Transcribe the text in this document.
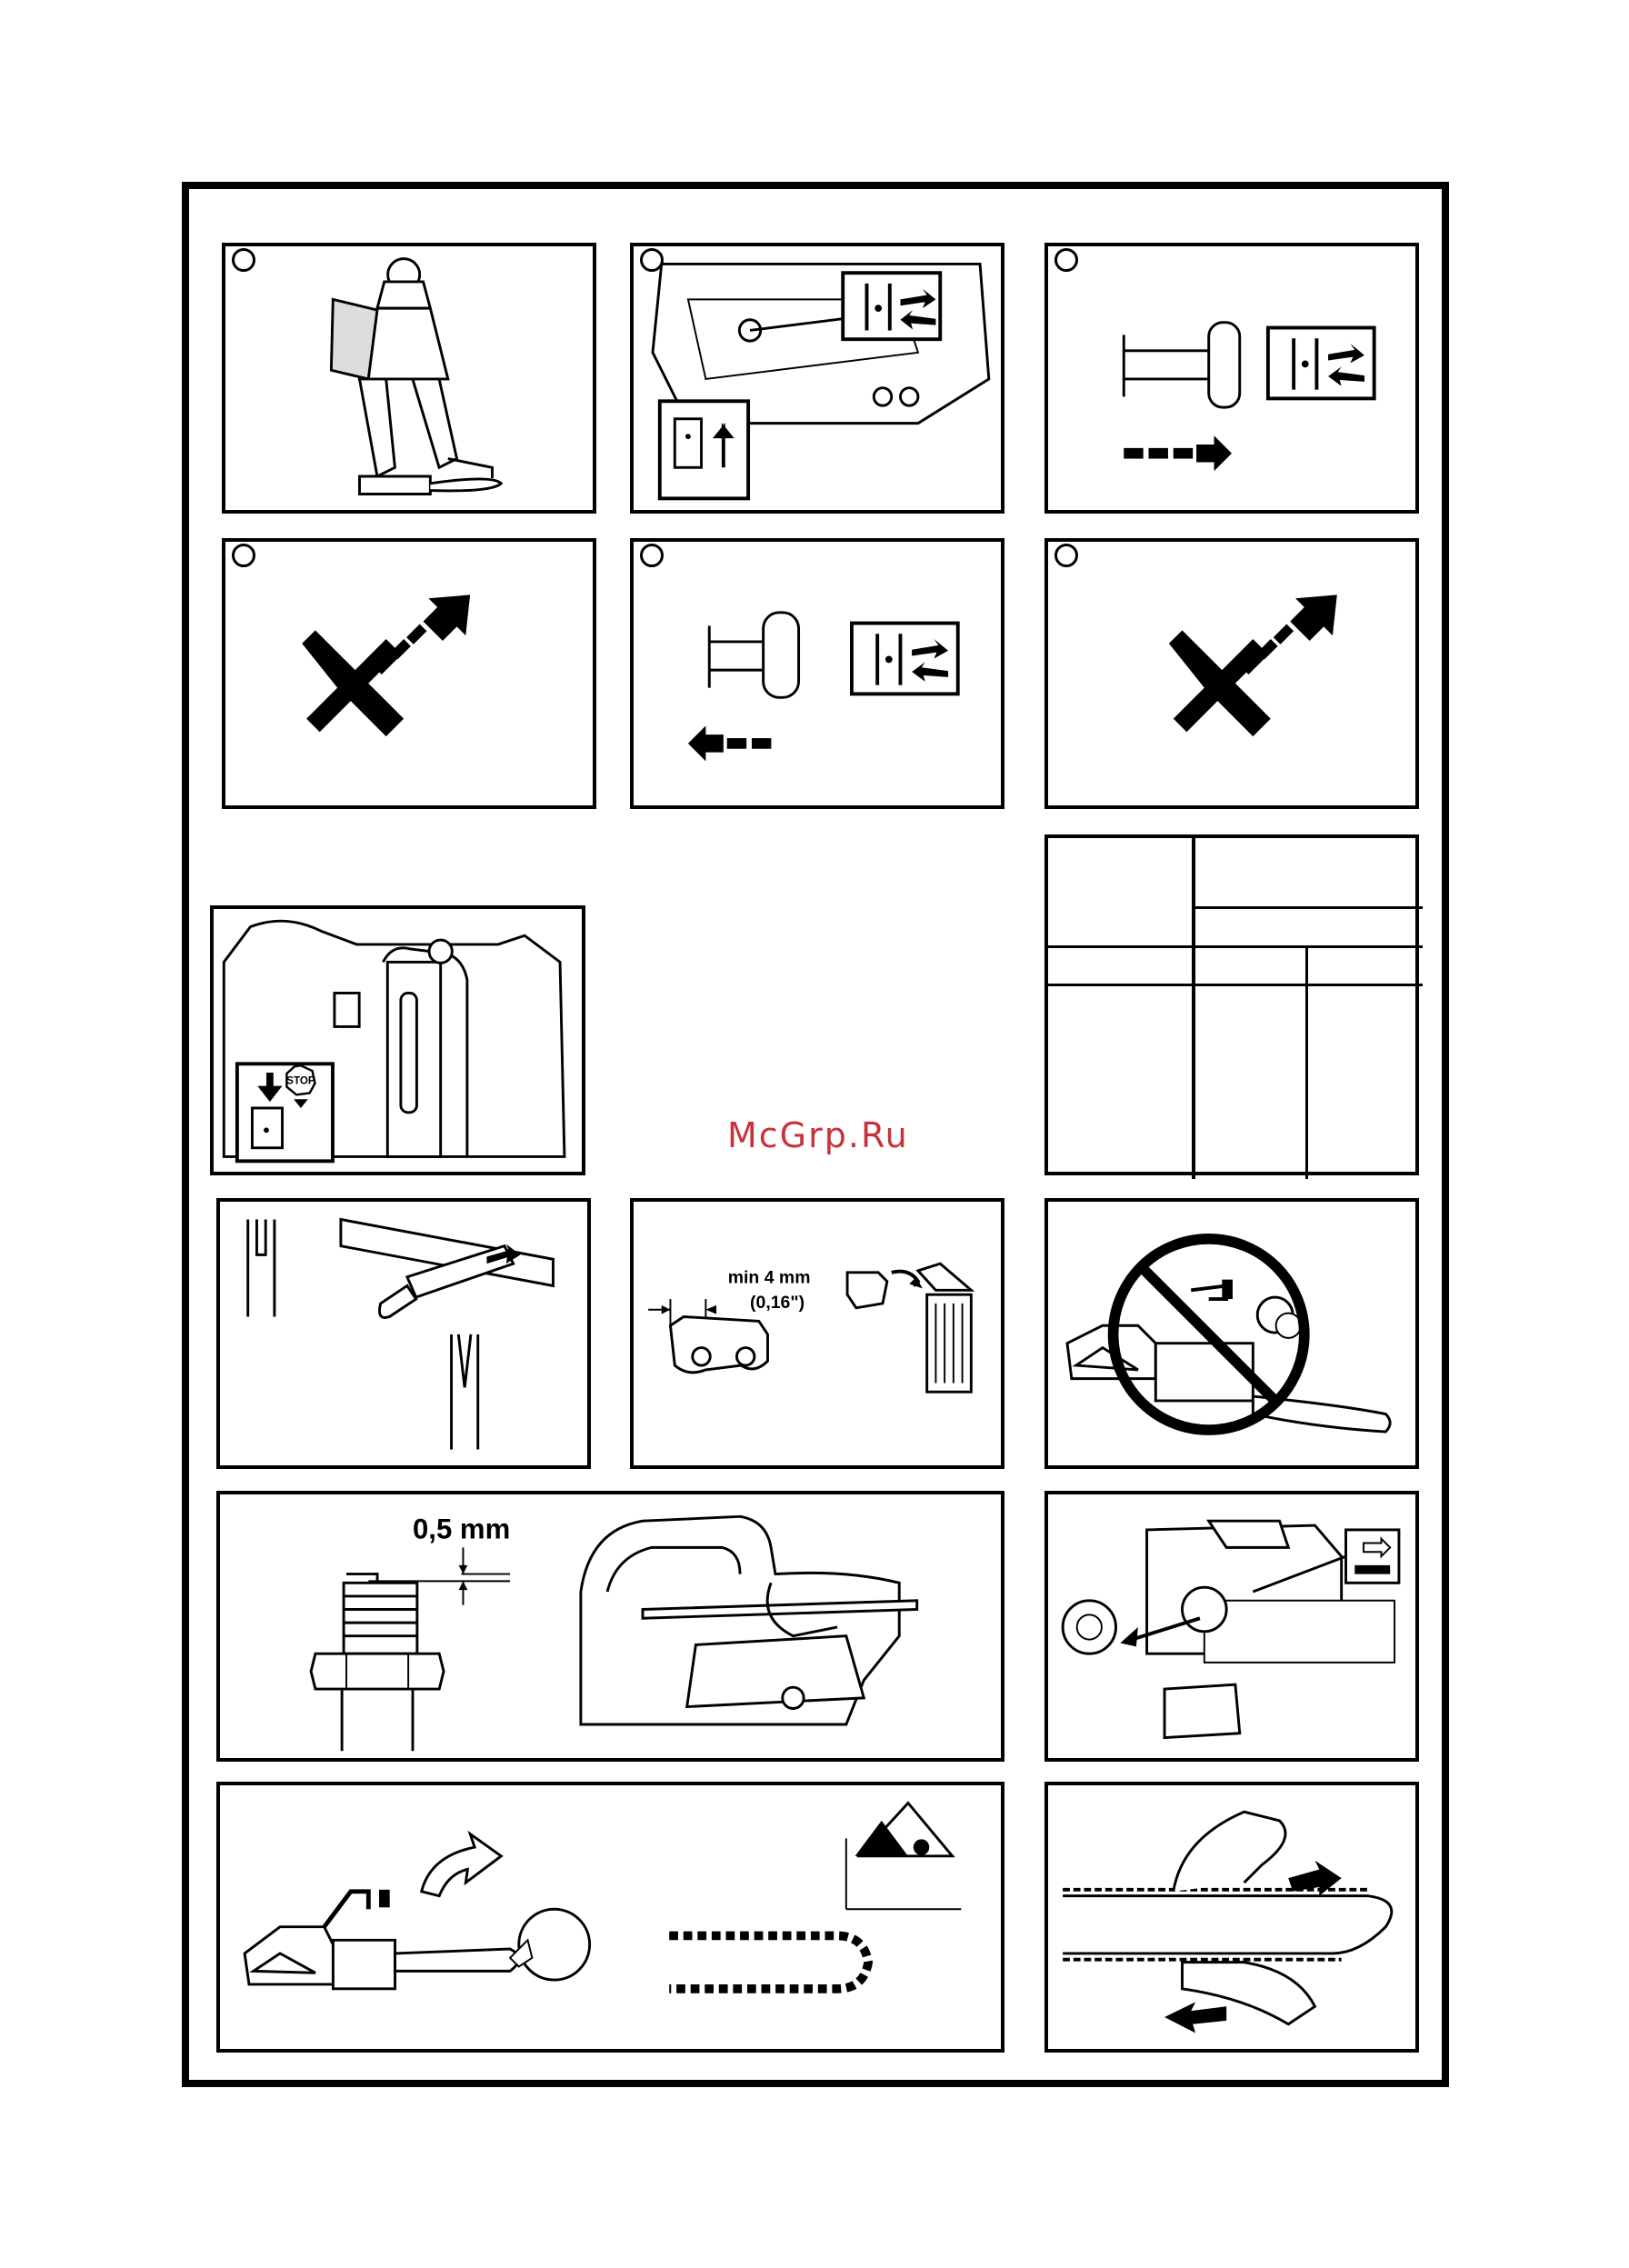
STOP
McGrp.Ru
min 4 mm
(0,16")
0,5 mm
